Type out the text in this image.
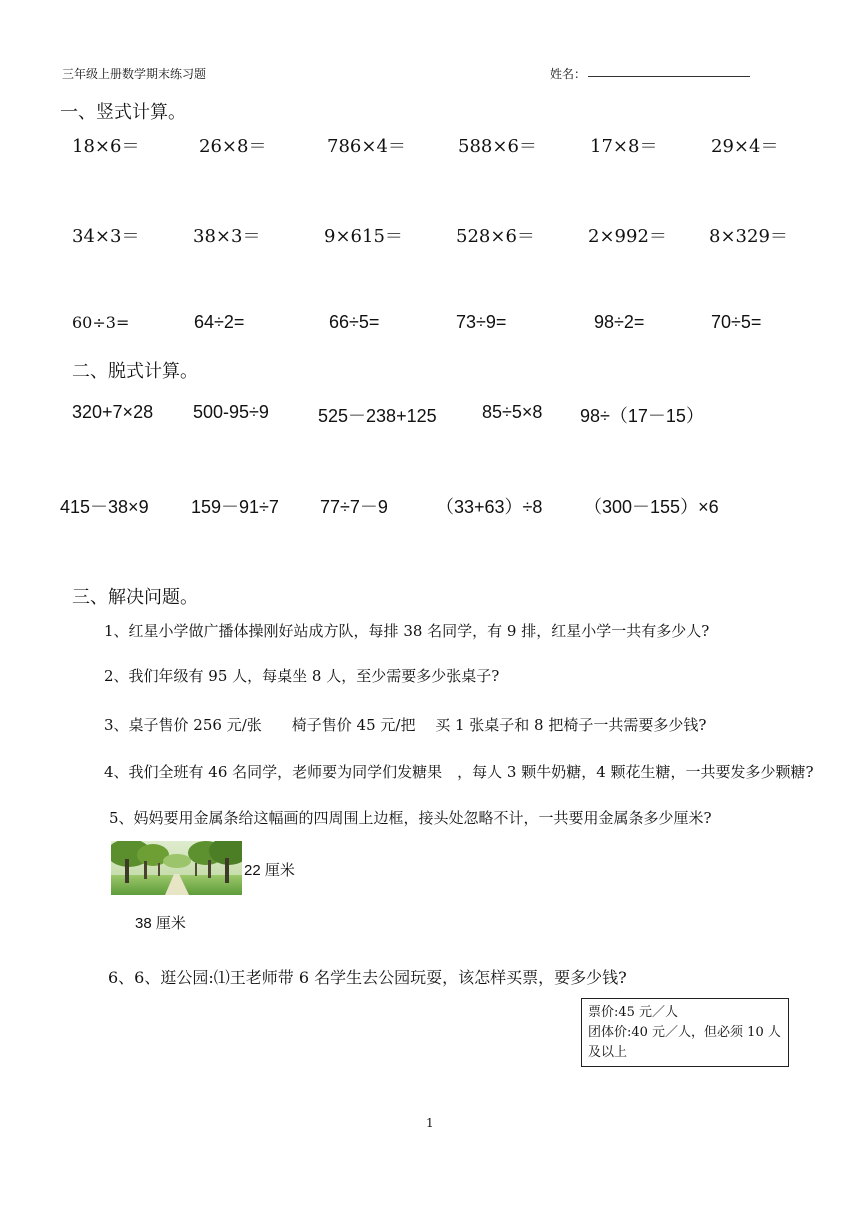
三年级上册数学期末练习题	姓名：
一、竖式计算。
18×6＝	26×8＝	786×4＝	588×6＝	17×8＝	29×4＝
34×3＝	38×3＝	9×615＝	528×6＝	2×992＝ 8×329＝
60÷3=	64÷2=	66÷5=	73÷9=	98÷2=	70÷5=
二、脱式计算。
320+7×28 500-95÷9	525－238+125	85÷5×8 98÷（17－15）
415－38×9 159－91÷7 77÷7－9	（33+63）÷8 （300－155）×6
三、解决问题。
1、红星小学做广播体操刚好站成方队，每排 38 名同学，有 9 排，红星小学一共有多少人?
2、我们年级有 95 人，每桌坐 8 人，至少需要多少张桌子?
3、桌子售价 256 元/张　　椅子售价 45 元/把　 买 1 张桌子和 8 把椅子一共需要多少钱?
4、我们全班有 46 名同学，老师要为同学们发糖果　，每人 3 颗牛奶糖，4 颗花生糖，一共要发多少颗糖?
5、妈妈要用金属条给这幅画的四周围上边框，接头处忽略不计，一共要用金属条多少厘米?
22 厘米
38 厘米
6、6、逛公园:⑴王老师带 6 名学生去公园玩耍，该怎样买票，要多少钱?
票价:45 元／人
团体价:40 元／人，但必须 10 人
及以上
1
